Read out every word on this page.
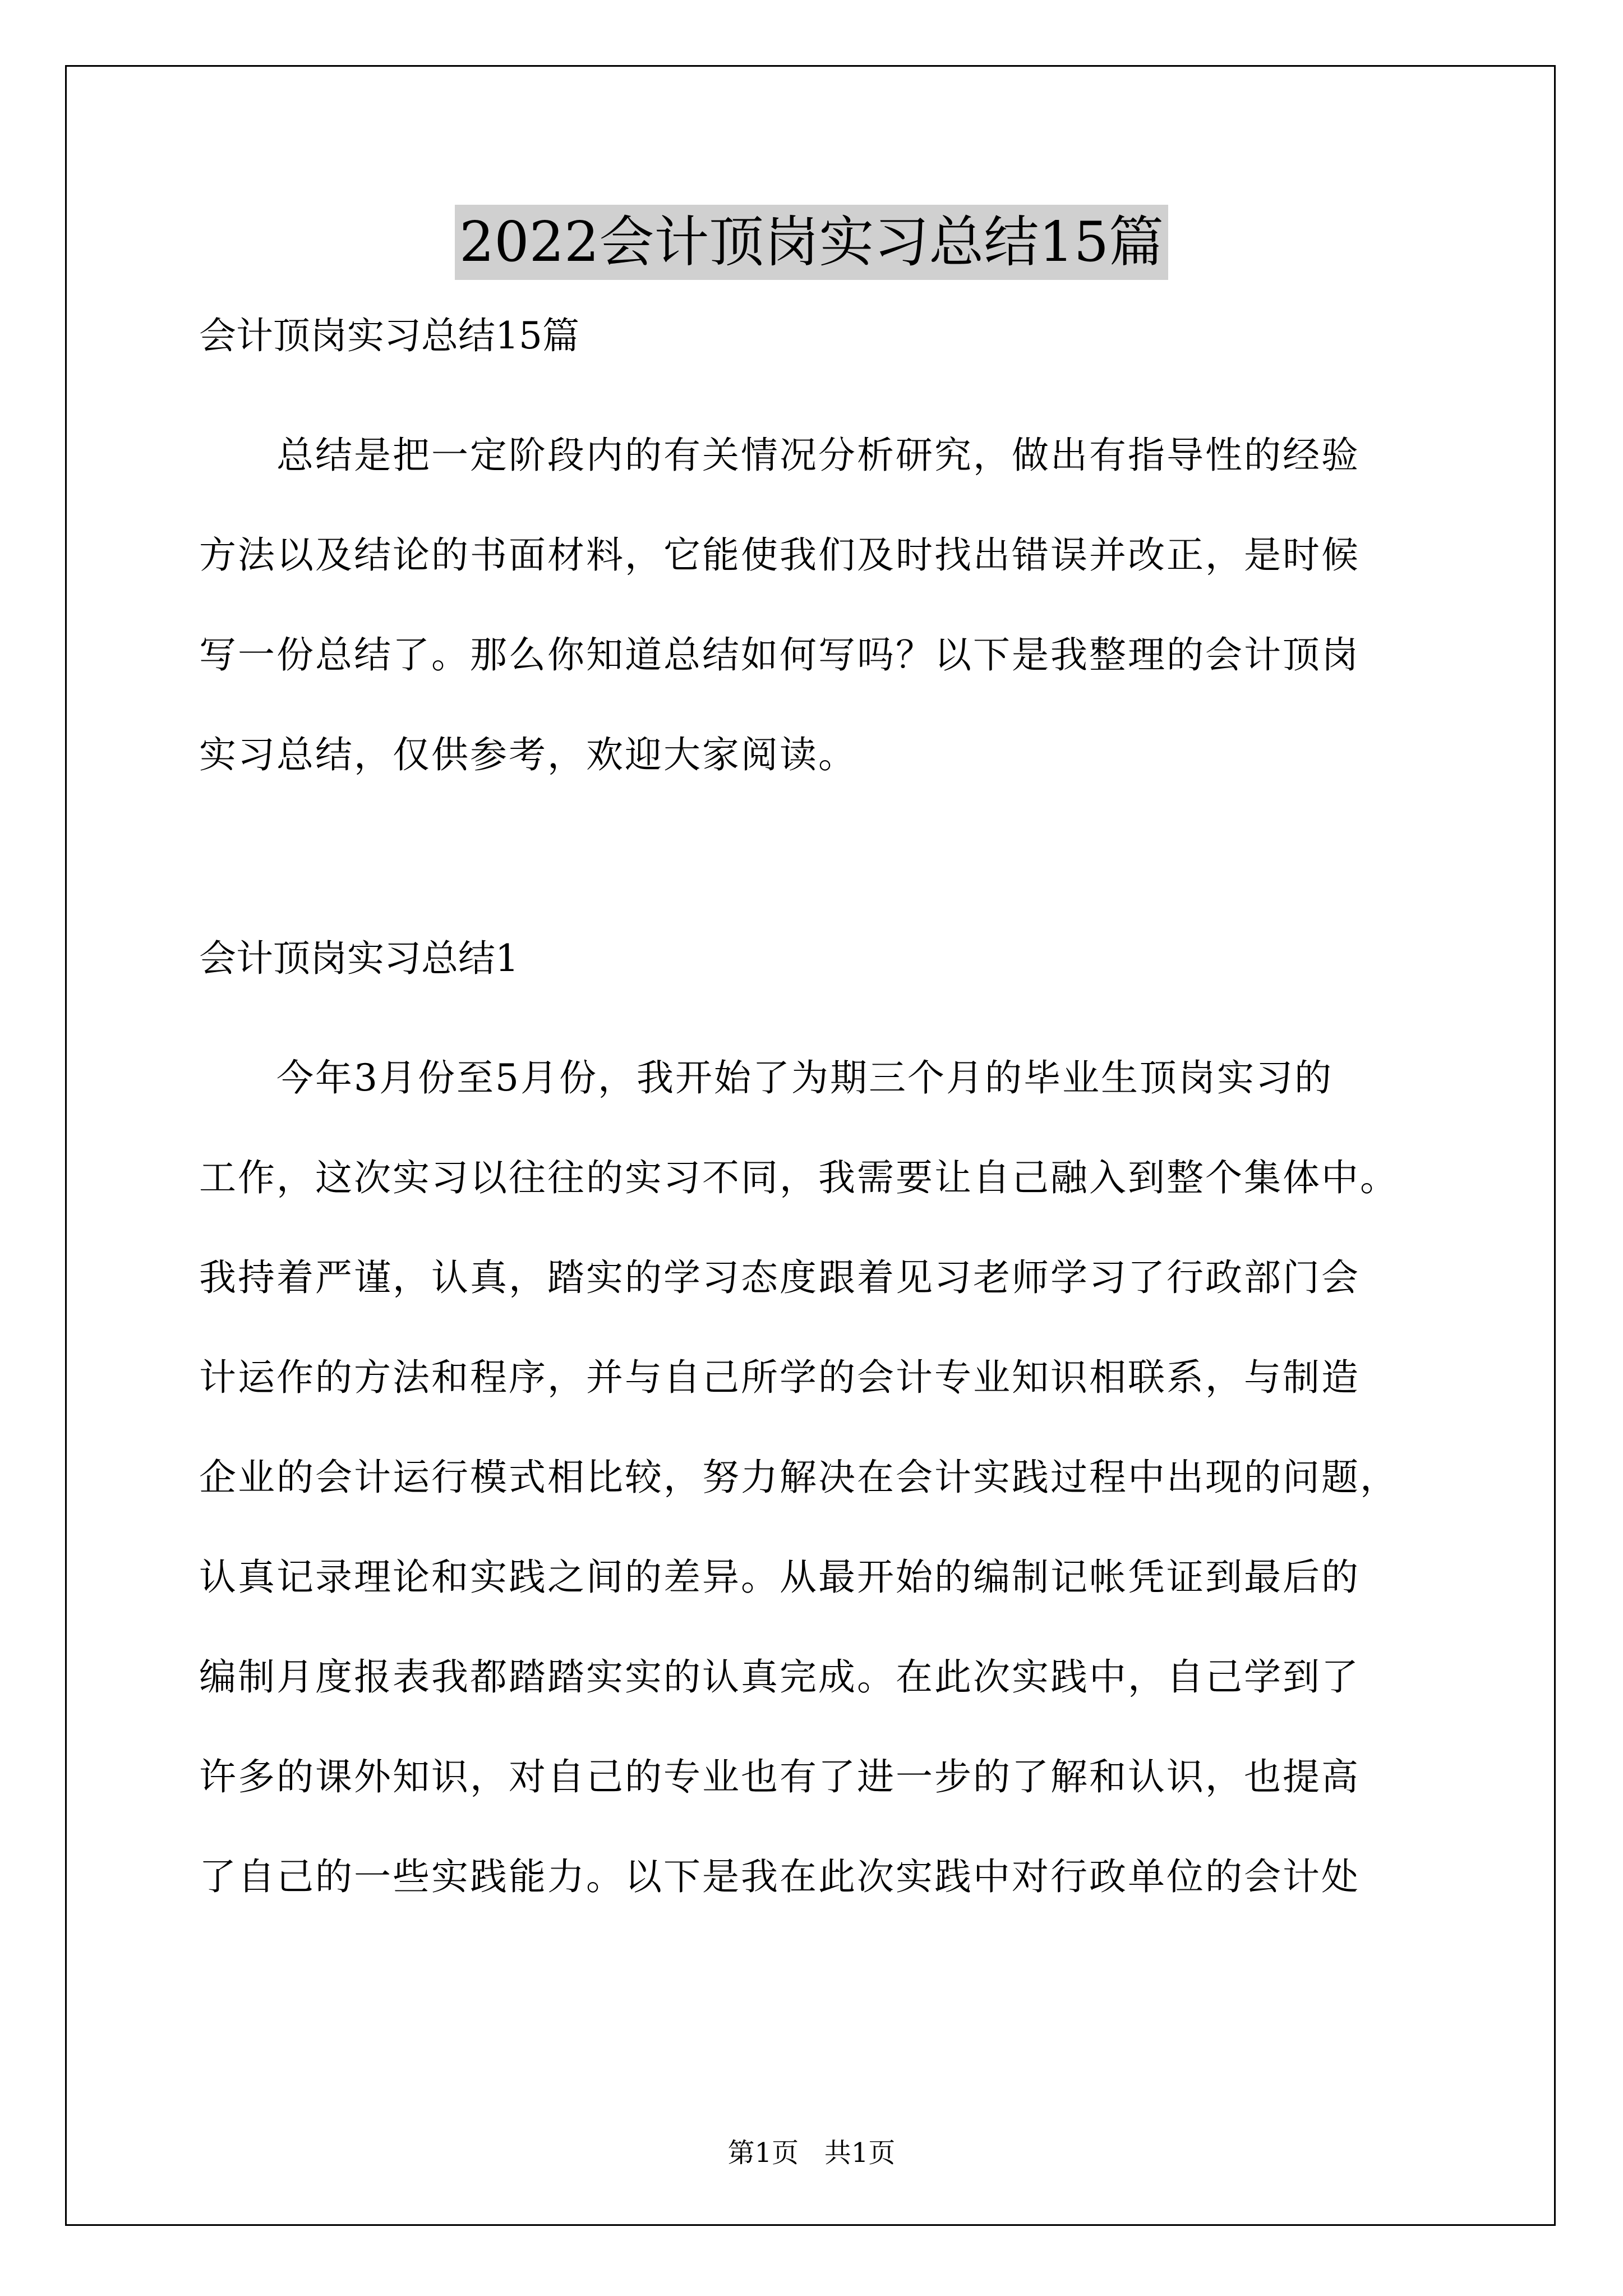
2022会计顶岗实习总结15篇

会计顶岗实习总结15篇

总结是把一定阶段内的有关情况分析研究，做出有指导性的经验
方法以及结论的书面材料，它能使我们及时找出错误并改正，是时候
写一份总结了。那么你知道总结如何写吗？以下是我整理的会计顶岗
实习总结，仅供参考，欢迎大家阅读。

会计顶岗实习总结1

今年3月份至5月份，我开始了为期三个月的毕业生顶岗实习的
工作，这次实习以往往的实习不同，我需要让自己融入到整个集体中。
我持着严谨，认真，踏实的学习态度跟着见习老师学习了行政部门会
计运作的方法和程序，并与自己所学的会计专业知识相联系，与制造
企业的会计运行模式相比较，努力解决在会计实践过程中出现的问题，
认真记录理论和实践之间的差异。从最开始的编制记帐凭证到最后的
编制月度报表我都踏踏实实的认真完成。在此次实践中，自己学到了
许多的课外知识，对自己的专业也有了进一步的了解和认识，也提高
了自己的一些实践能力。以下是我在此次实践中对行政单位的会计处
第1页   共1页
